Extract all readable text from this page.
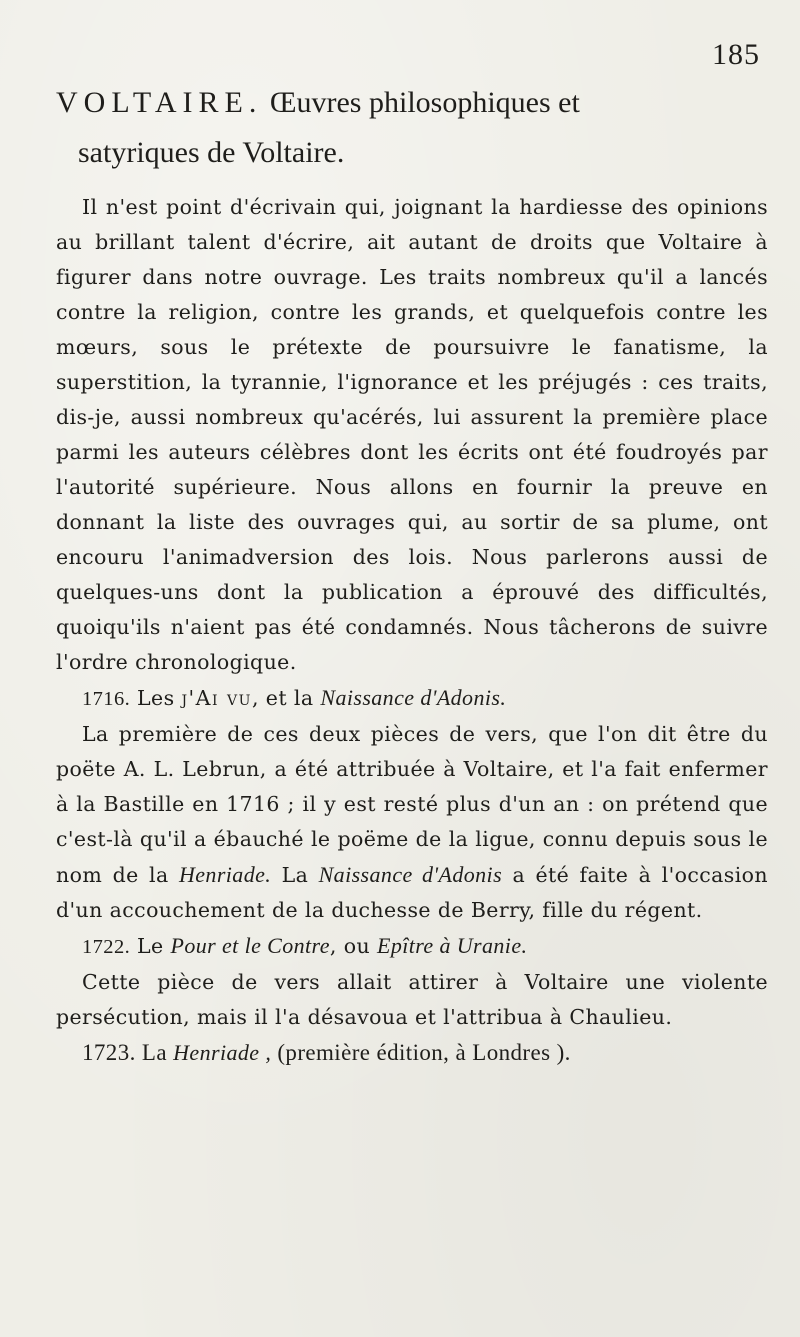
185

VOLTAIRE. Œuvres philosophiques et

satyriques de Voltaire.

Il n'est point d'écrivain qui, joignant la hardiesse des opinions au brillant talent d'écrire, ait autant de droits que Voltaire à figurer dans notre ouvrage. Les traits nombreux qu'il a lancés contre la religion, contre les grands, et quelquefois contre les mœurs, sous le prétexte de poursuivre le fanatisme, la superstition, la tyrannie, l'ignorance et les préjugés : ces traits, dis-je, aussi nombreux qu'acérés, lui assurent la première place parmi les auteurs célèbres dont les écrits ont été foudroyés par l'autorité supérieure. Nous allons en fournir la preuve en donnant la liste des ouvrages qui, au sortir de sa plume, ont encouru l'animadversion des lois. Nous parlerons aussi de quelques-uns dont la publication a éprouvé des difficultés, quoiqu'ils n'aient pas été condamnés. Nous tâcherons de suivre l'ordre chronologique.

1716. Les j'Ai vu, et la Naissance d'Adonis.

La première de ces deux pièces de vers, que l'on dit être du poëte A. L. Lebrun, a été attribuée à Voltaire, et l'a fait enfermer à la Bastille en 1716 ; il y est resté plus d'un an : on prétend que c'est-là qu'il a ébauché le poëme de la ligue, connu depuis sous le nom de la Henriade. La Naissance d'Adonis a été faite à l'occasion d'un accouchement de la duchesse de Berry, fille du régent.

1722. Le Pour et le Contre, ou Epître à Uranie.

Cette pièce de vers allait attirer à Voltaire une violente persécution, mais il l'a désavoua et l'attribua à Chaulieu.

1723. La Henriade , (première édition, à Londres ).
